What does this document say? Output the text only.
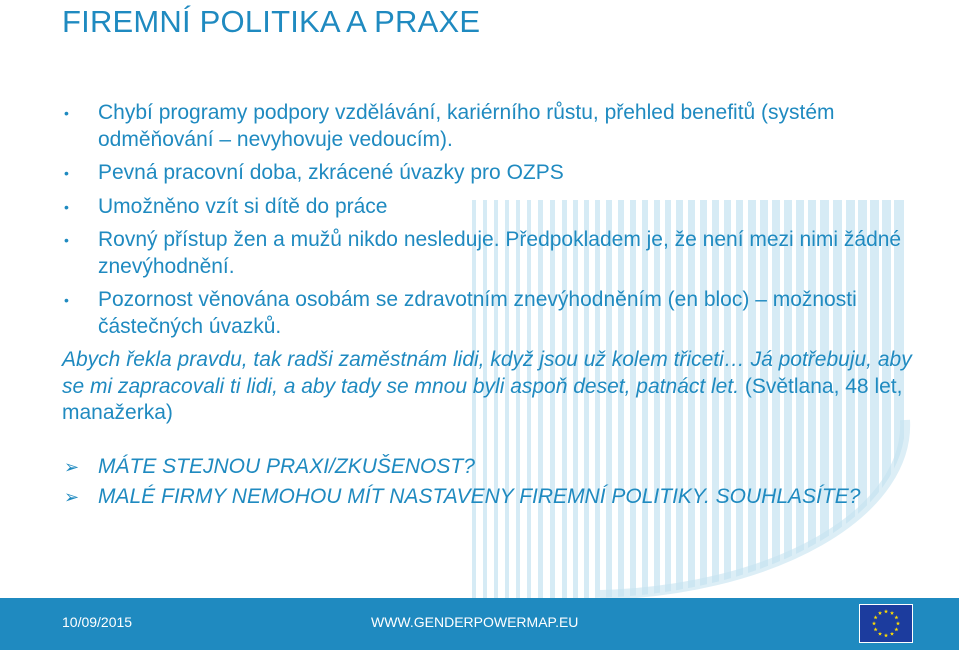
FIREMNÍ POLITIKA A PRAXE
• Chybí programy podpory vzdělávání, kariérního růstu, přehled benefitů (systém odměňování – nevyhovuje vedoucím).
• Pevná pracovní doba, zkrácené úvazky pro OZPS
• Umožněno vzít si dítě do práce
• Rovný přístup žen a mužů nikdo nesleduje. Předpokladem je, že není mezi nimi žádné znevýhodnění.
• Pozornost věnována osobám se zdravotním znevýhodněním (en bloc) – možnosti částečných úvazků.

Abych řekla pravdu, tak radši zaměstnám lidi, když jsou už kolem třiceti… Já potřebuju, aby se mi zapracovali ti lidi, a aby tady se mnou byli aspoň deset, patnáct let. (Světlana, 48 let, manažerka)

➢ MÁTE STEJNOU PRAXI/ZKUŠENOST?
➢ MALÉ FIRMY NEMOHOU MÍT NASTAVENY FIREMNÍ POLITIKY. SOUHLASÍTE?
10/09/2015	WWW.GENDERPOWERMAP.EU
